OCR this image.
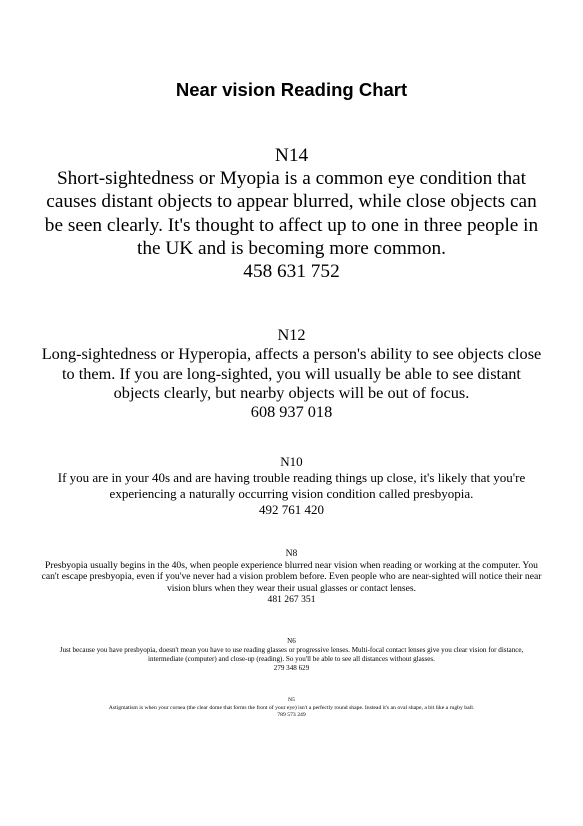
Near vision Reading Chart
N14
Short-sightedness or Myopia is a common eye condition that causes distant objects to appear blurred, while close objects can be seen clearly. It's thought to affect up to one in three people in the UK and is becoming more common.
458 631 752
N12
Long-sightedness or Hyperopia, affects a person's ability to see objects close to them. If you are long-sighted, you will usually be able to see distant objects clearly, but nearby objects will be out of focus.
608 937 018
N10
If you are in your 40s and are having trouble reading things up close, it's likely that you're experiencing a naturally occurring vision condition called presbyopia.
492 761 420
N8
Presbyopia usually begins in the 40s, when people experience blurred near vision when reading or working at the computer. You can't escape presbyopia, even if you've never had a vision problem before. Even people who are near-sighted will notice their near vision blurs when they wear their usual glasses or contact lenses.
481 267 351
N6
Just because you have presbyopia, doesn't mean you have to use reading glasses or progressive lenses. Multi-focal contact lenses give you clear vision for distance, intermediate (computer) and close-up (reading). So you'll be able to see all distances without glasses.
279 348 629
N5
Astigmatism is when your cornea (the clear dome that forms the front of your eye) isn't a perfectly round shape. Instead it's an oval shape, a bit like a rugby ball.
789 573 249
